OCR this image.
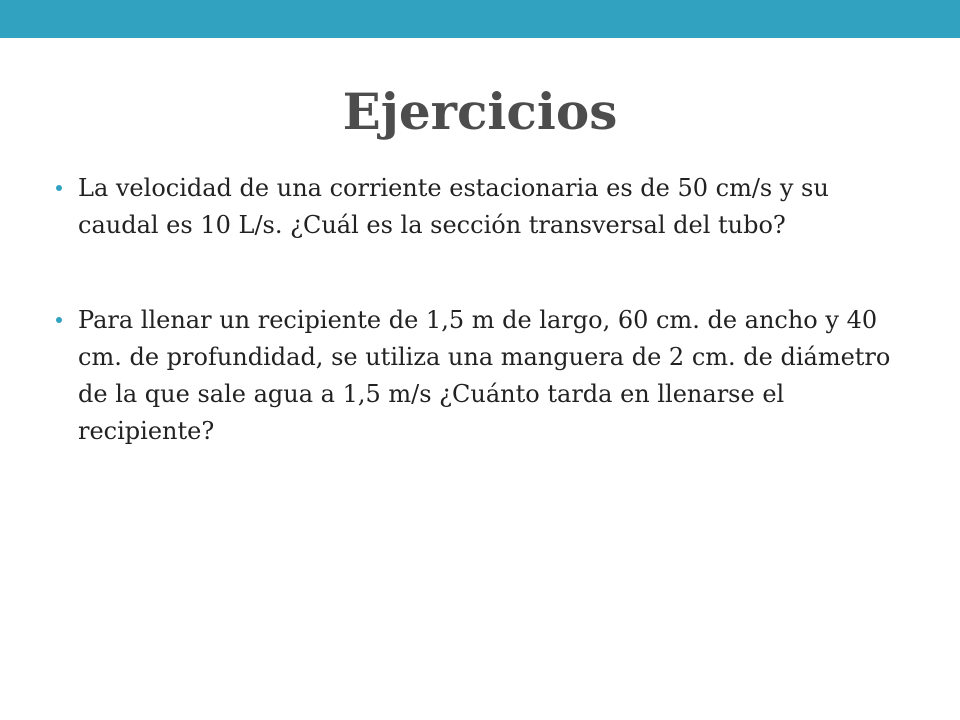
Ejercicios

La velocidad de una corriente estacionaria es de 50 cm/s y su caudal es 10 L/s. ¿Cuál es la sección transversal del tubo?

Para llenar un recipiente de 1,5 m de largo, 60 cm. de ancho y 40 cm. de profundidad, se utiliza una manguera de 2 cm. de diámetro de la que sale agua a 1,5 m/s ¿Cuánto tarda en llenarse el recipiente?
